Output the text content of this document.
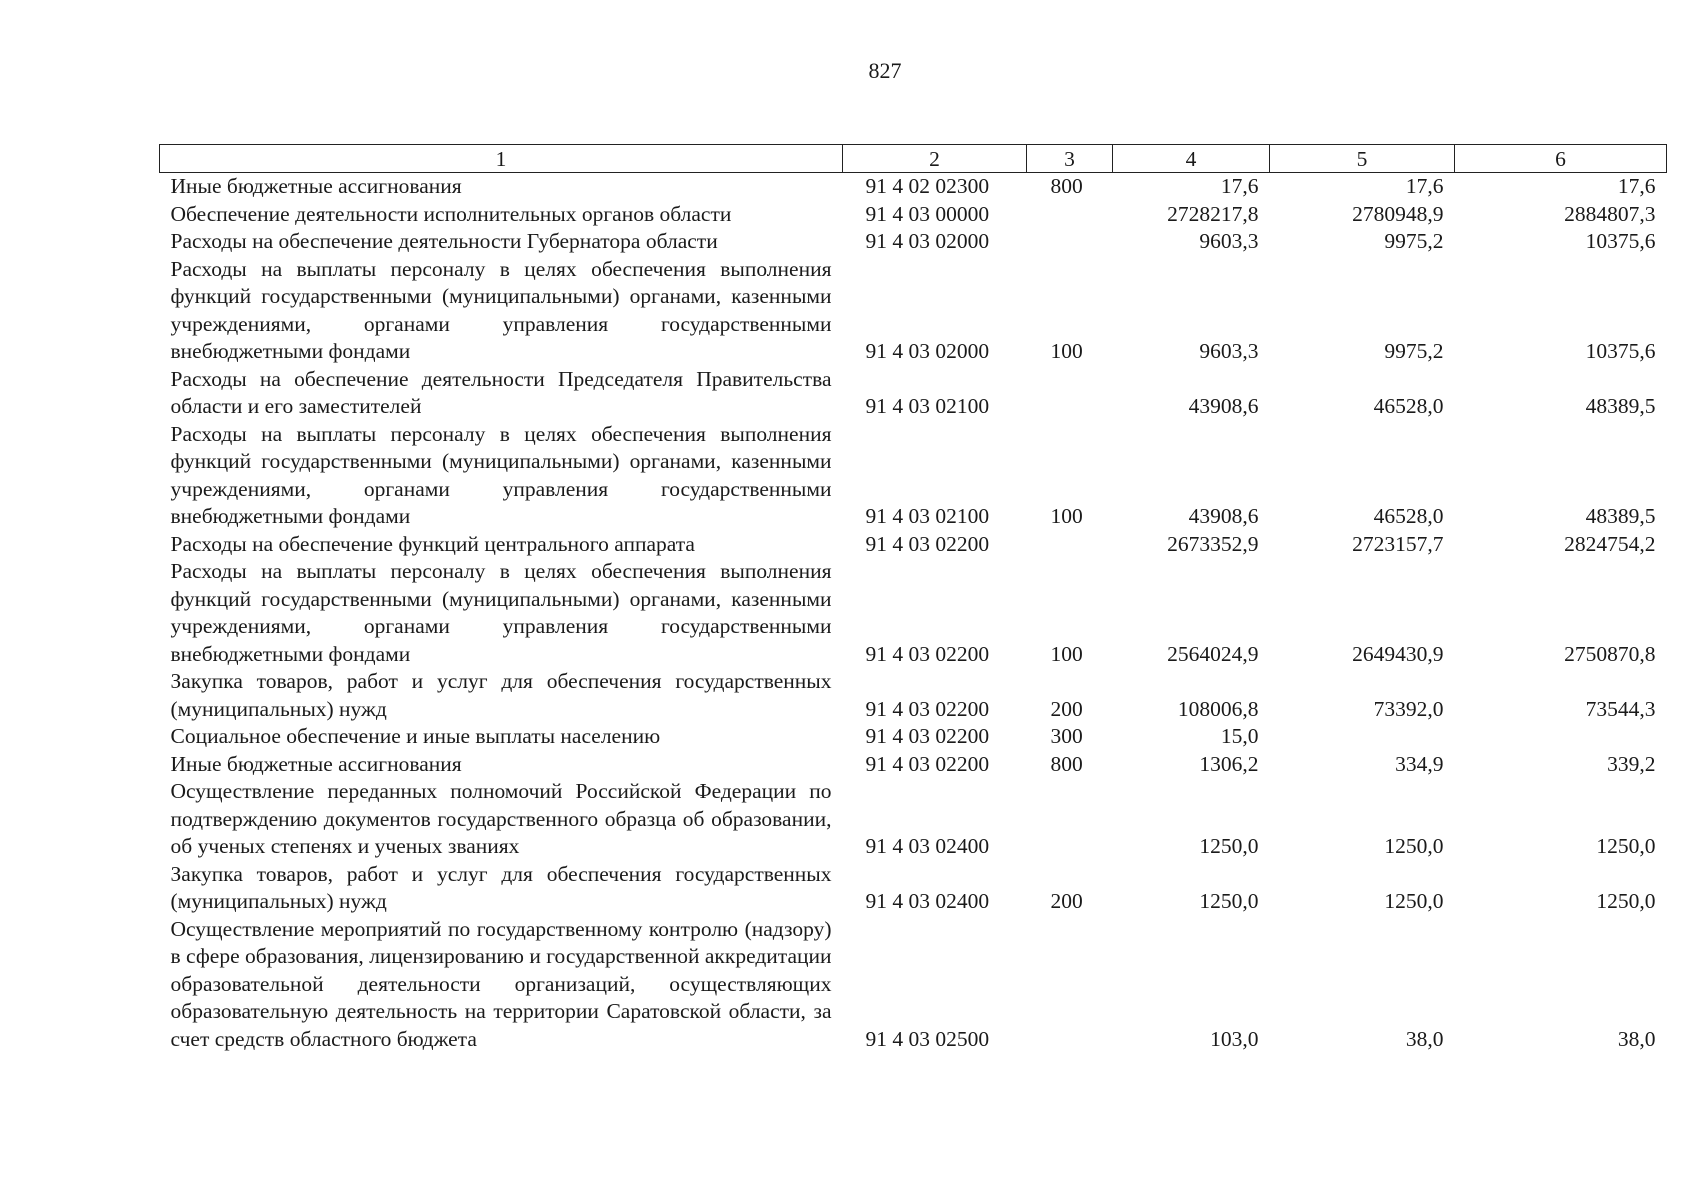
827
1	2	3	4	5	6
Иные бюджетные ассигнования	91 4 02 02300	800	17,6	17,6	17,6
Обеспечение деятельности исполнительных органов области	91 4 03 00000		2728217,8	2780948,9	2884807,3
Расходы на обеспечение деятельности Губернатора области	91 4 03 02000		9603,3	9975,2	10375,6
Расходы на выплаты персоналу в целях обеспечения выполнения функций государственными (муниципальными) органами, казенными учреждениями, органами управления государственными внебюджетными фондами	91 4 03 02000	100	9603,3	9975,2	10375,6
Расходы на обеспечение деятельности Председателя Правительства области и его заместителей	91 4 03 02100		43908,6	46528,0	48389,5
Расходы на выплаты персоналу в целях обеспечения выполнения функций государственными (муниципальными) органами, казенными учреждениями, органами управления государственными внебюджетными фондами	91 4 03 02100	100	43908,6	46528,0	48389,5
Расходы на обеспечение функций центрального аппарата	91 4 03 02200		2673352,9	2723157,7	2824754,2
Расходы на выплаты персоналу в целях обеспечения выполнения функций государственными (муниципальными) органами, казенными учреждениями, органами управления государственными внебюджетными фондами	91 4 03 02200	100	2564024,9	2649430,9	2750870,8
Закупка товаров, работ и услуг для обеспечения государственных (муниципальных) нужд	91 4 03 02200	200	108006,8	73392,0	73544,3
Социальное обеспечение и иные выплаты населению	91 4 03 02200	300	15,0		
Иные бюджетные ассигнования	91 4 03 02200	800	1306,2	334,9	339,2
Осуществление переданных полномочий Российской Федерации по подтверждению документов государственного образца об образовании, об ученых степенях и ученых званиях	91 4 03 02400		1250,0	1250,0	1250,0
Закупка товаров, работ и услуг для обеспечения государственных (муниципальных) нужд	91 4 03 02400	200	1250,0	1250,0	1250,0
Осуществление мероприятий по государственному контролю (надзору) в сфере образования, лицензированию и государственной аккредитации образовательной деятельности организаций, осуществляющих образовательную деятельность на территории Саратовской области, за счет средств областного бюджета	91 4 03 02500		103,0	38,0	38,0
